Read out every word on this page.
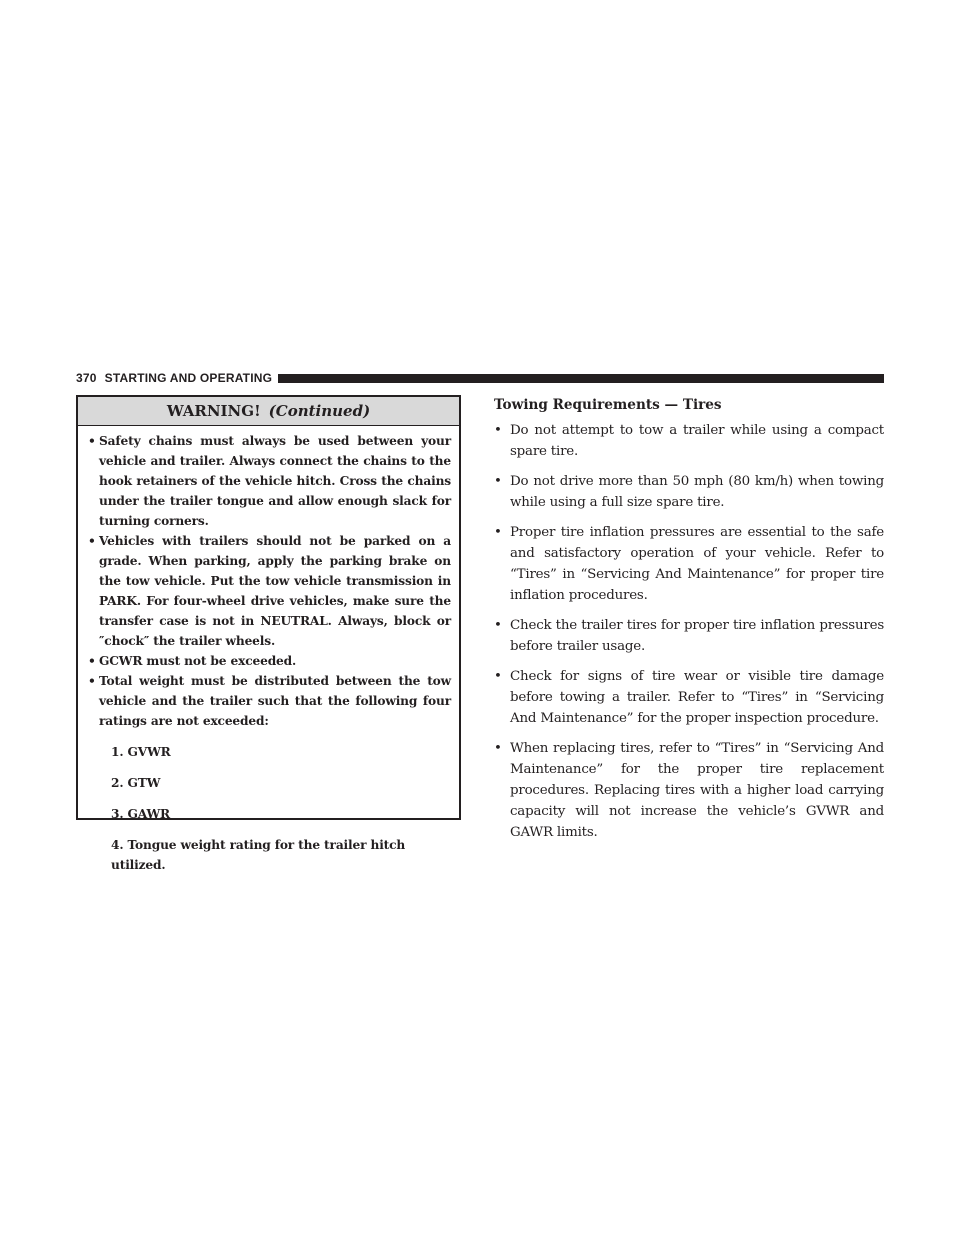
370 STARTING AND OPERATING
WARNING! (Continued)
• Safety chains must always be used between your vehicle and trailer. Always connect the chains to the hook retainers of the vehicle hitch. Cross the chains under the trailer tongue and allow enough slack for turning corners.
• Vehicles with trailers should not be parked on a grade. When parking, apply the parking brake on the tow vehicle. Put the tow vehicle transmission in PARK. For four-wheel drive vehicles, make sure the transfer case is not in NEUTRAL. Always, block or ″chock″ the trailer wheels.
• GCWR must not be exceeded.
• Total weight must be distributed between the tow vehicle and the trailer such that the following four ratings are not exceeded:
1. GVWR
2. GTW
3. GAWR
4. Tongue weight rating for the trailer hitch utilized.
Towing Requirements — Tires
• Do not attempt to tow a trailer while using a compact spare tire.
• Do not drive more than 50 mph (80 km/h) when towing while using a full size spare tire.
• Proper tire inflation pressures are essential to the safe and satisfactory operation of your vehicle. Refer to “Tires” in “Servicing And Maintenance” for proper tire inflation procedures.
• Check the trailer tires for proper tire inflation pressures before trailer usage.
• Check for signs of tire wear or visible tire damage before towing a trailer. Refer to “Tires” in “Servicing And Maintenance” for the proper inspection procedure.
• When replacing tires, refer to “Tires” in “Servicing And Maintenance” for the proper tire replacement procedures. Replacing tires with a higher load carrying capacity will not increase the vehicle’s GVWR and GAWR limits.
